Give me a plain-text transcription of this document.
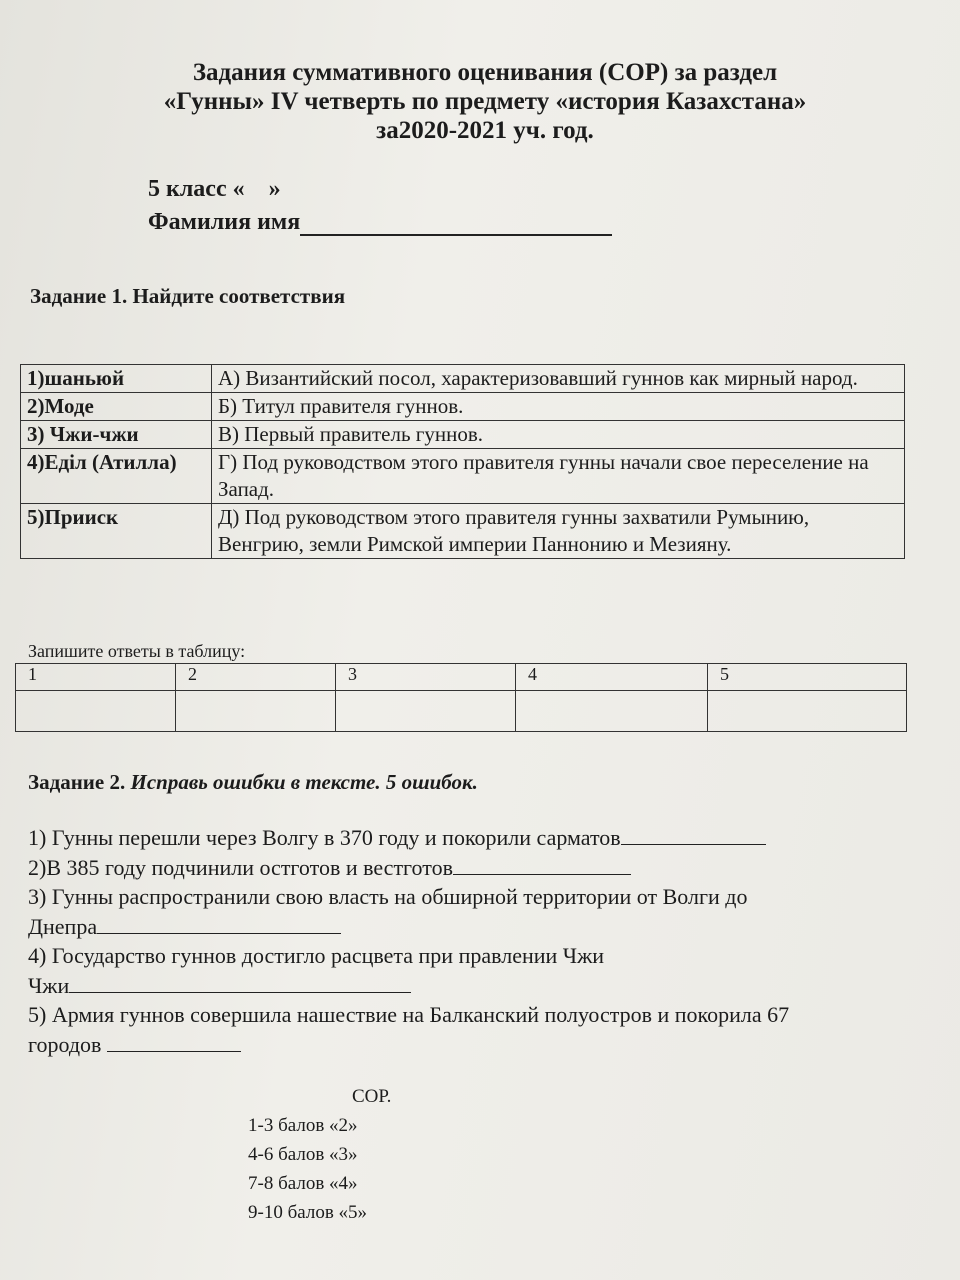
Задания суммативного оценивания (СОР) за раздел
«Гунны» IV четверть по предмету «история Казахстана»
за2020-2021 уч. год.
5 класс «    »
Фамилия имя
Задание 1. Найдите соответствия
1)шаньюй	А) Византийский посол, характеризовавший гуннов как мирный народ.
2)Моде	Б) Титул правителя гуннов.
3) Чжи-чжи	В) Первый правитель гуннов.
4)Еділ (Атилла)	Г) Под руководством этого правителя гунны начали свое переселение на Запад.
5)Прииск	Д) Под руководством этого правителя гунны захватили Румынию, Венгрию, земли Римской империи Паннонию и Мезияну.
Запишите ответы в таблицу:
1	2	3	4	5

Задание 2. Исправь ошибки в тексте. 5 ошибок.
1) Гунны перешли через Волгу в 370 году и покорили сарматов
2)В 385 году подчинили остготов и вестготов
3) Гунны распространили свою власть на обширной территории от Волги до
Днепра
4) Государство гуннов достигло расцвета при правлении Чжи
Чжи
5) Армия гуннов совершила нашествие на Балканский полуостров и покорила 67
городов
СОР.
1-3 балов «2»
4-6 балов «3»
7-8 балов «4»
9-10 балов «5»
